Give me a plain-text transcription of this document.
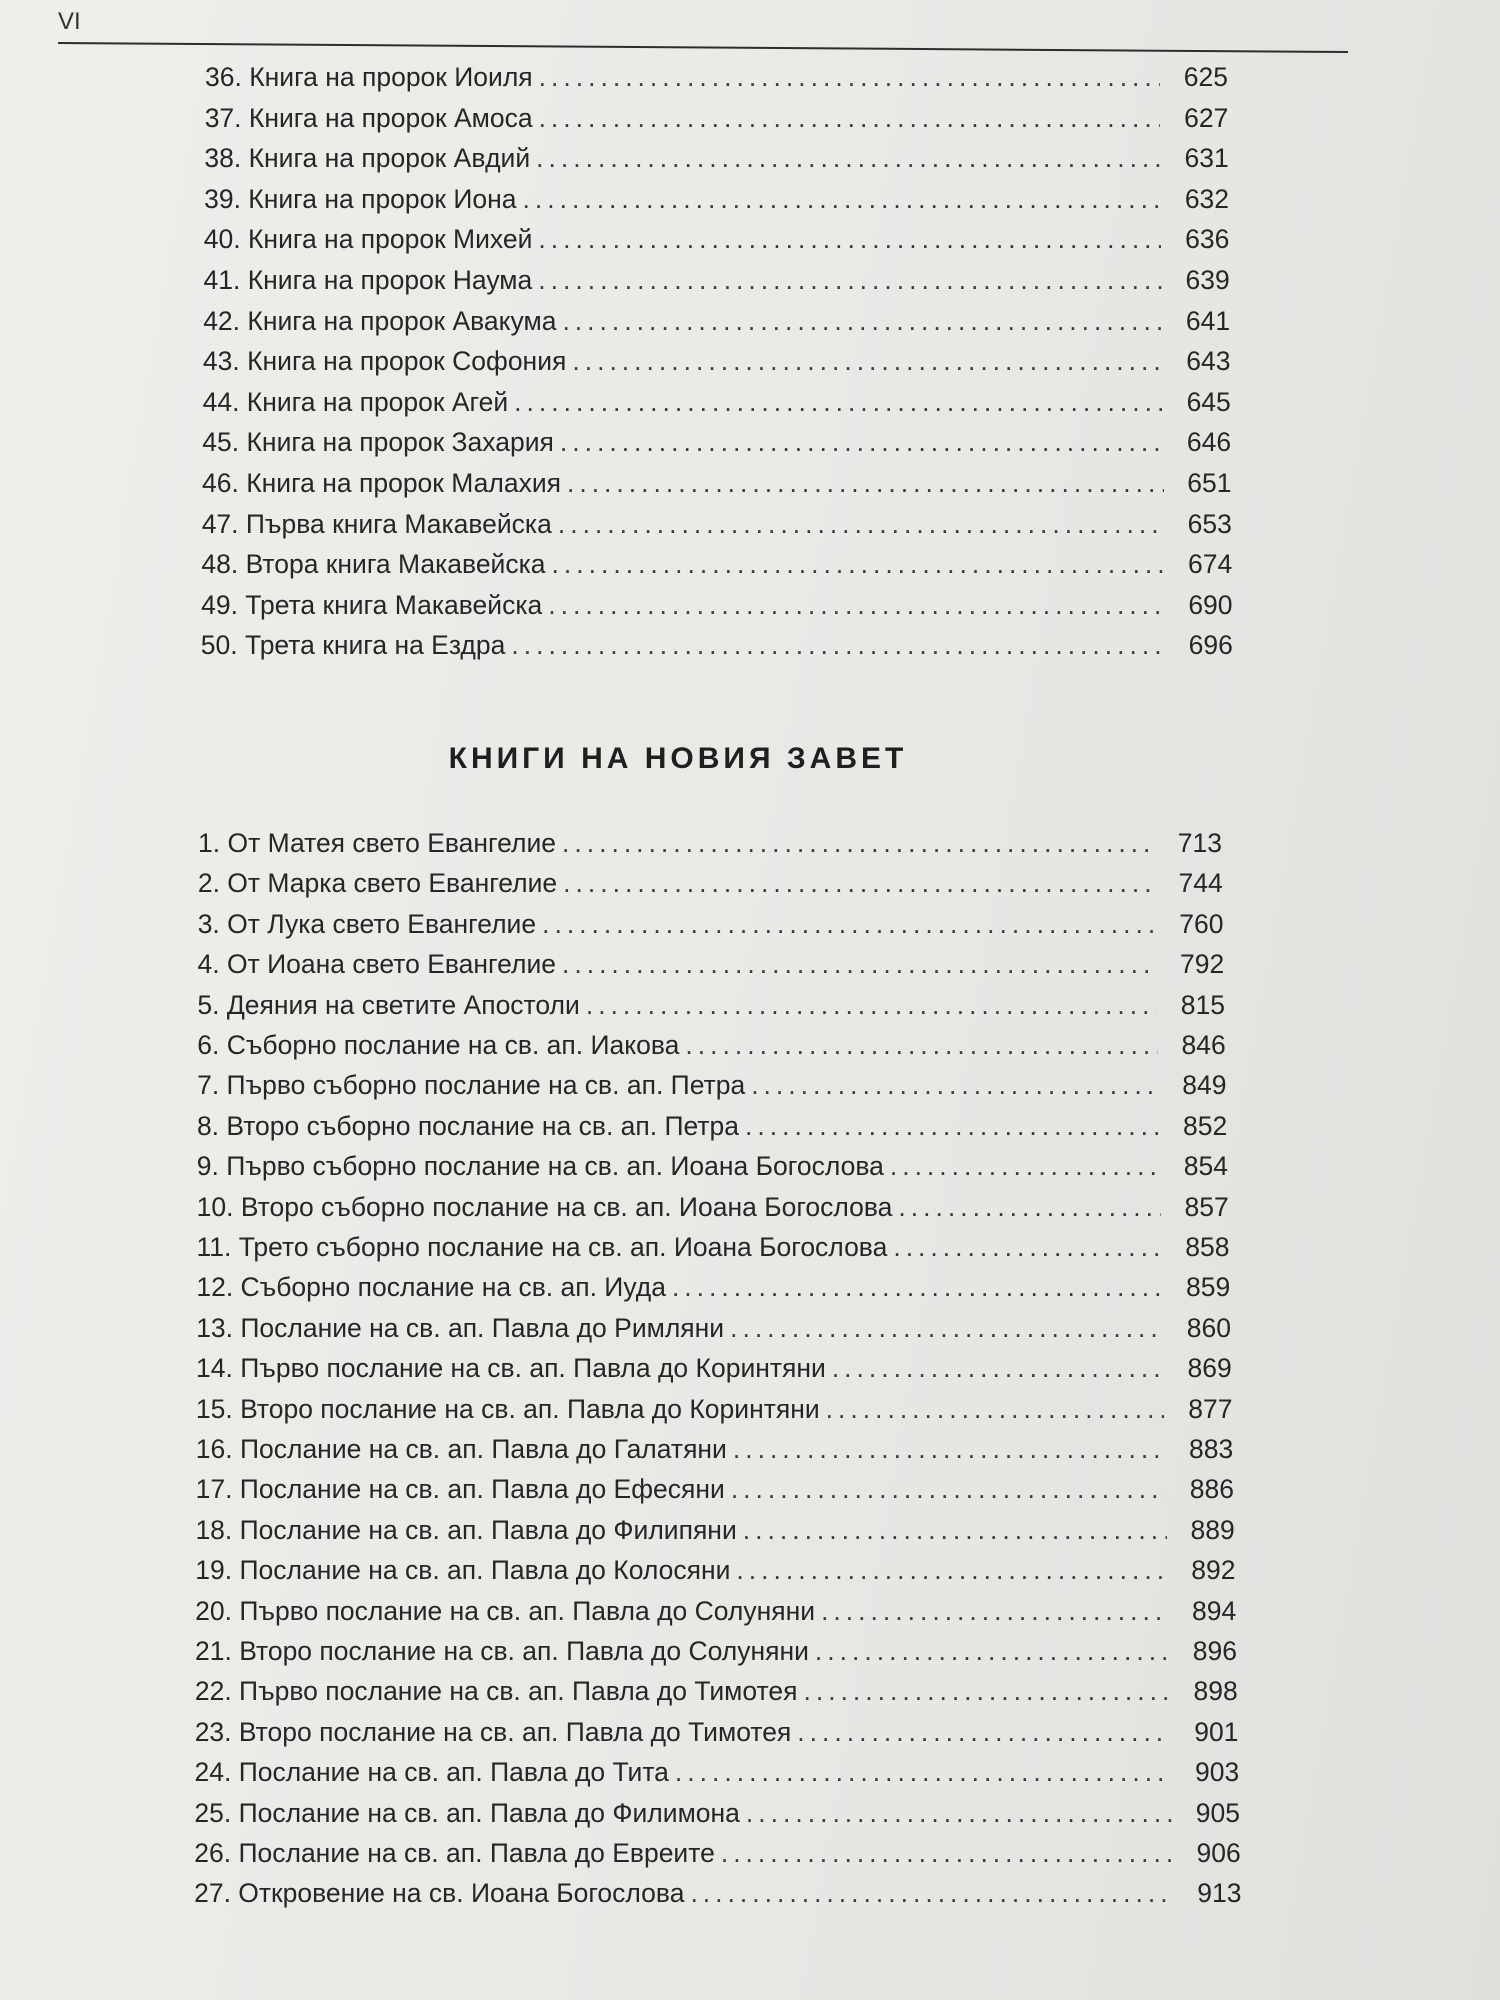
VI
36. Книга на пророк Иоиля .....	625
37. Книга на пророк Амоса .....	627
38. Книга на пророк Авдий .....	631
39. Книга на пророк Иона .....	632
40. Книга на пророк Михей .....	636
41. Книга на пророк Наума .....	639
42. Книга на пророк Авакума .....	641
43. Книга на пророк Софония .....	643
44. Книга на пророк Агей .....	645
45. Книга на пророк Захария .....	646
46. Книга на пророк Малахия .....	651
47. Първа книга Макавейска .....	653
48. Втора книга Макавейска .....	674
49. Трета книга Макавейска .....	690
50. Трета книга на Ездра .....	696
КНИГИ НА НОВИЯ ЗАВЕТ
1. От Матея свето Евангелие .....	713
2. От Марка свето Евангелие .....	744
3. От Лука свето Евангелие .....	760
4. От Иоана свето Евангелие .....	792
5. Деяния на светите Апостоли .....	815
6. Съборно послание на св. ап. Иакова .....	846
7. Първо съборно послание на св. ап. Петра .....	849
8. Второ съборно послание на св. ап. Петра .....	852
9. Първо съборно послание на св. ап. Иоана Богослова .....	854
10. Второ съборно послание на св. ап. Иоана Богослова .....	857
11. Трето съборно послание на св. ап. Иоана Богослова .....	858
12. Съборно послание на св. ап. Иуда .....	859
13. Послание на св. ап. Павла до Римляни .....	860
14. Първо послание на св. ап. Павла до Коринтяни .....	869
15. Второ послание на св. ап. Павла до Коринтяни .....	877
16. Послание на св. ап. Павла до Галатяни .....	883
17. Послание на св. ап. Павла до Ефесяни .....	886
18. Послание на св. ап. Павла до Филипяни .....	889
19. Послание на св. ап. Павла до Колосяни .....	892
20. Първо послание на св. ап. Павла до Солуняни .....	894
21. Второ послание на св. ап. Павла до Солуняни .....	896
22. Първо послание на св. ап. Павла до Тимотея .....	898
23. Второ послание на св. ап. Павла до Тимотея .....	901
24. Послание на св. ап. Павла до Тита .....	903
25. Послание на св. ап. Павла до Филимона .....	905
26. Послание на св. ап. Павла до Евреите .....	906
27. Откровение на св. Иоана Богослова .....	913
